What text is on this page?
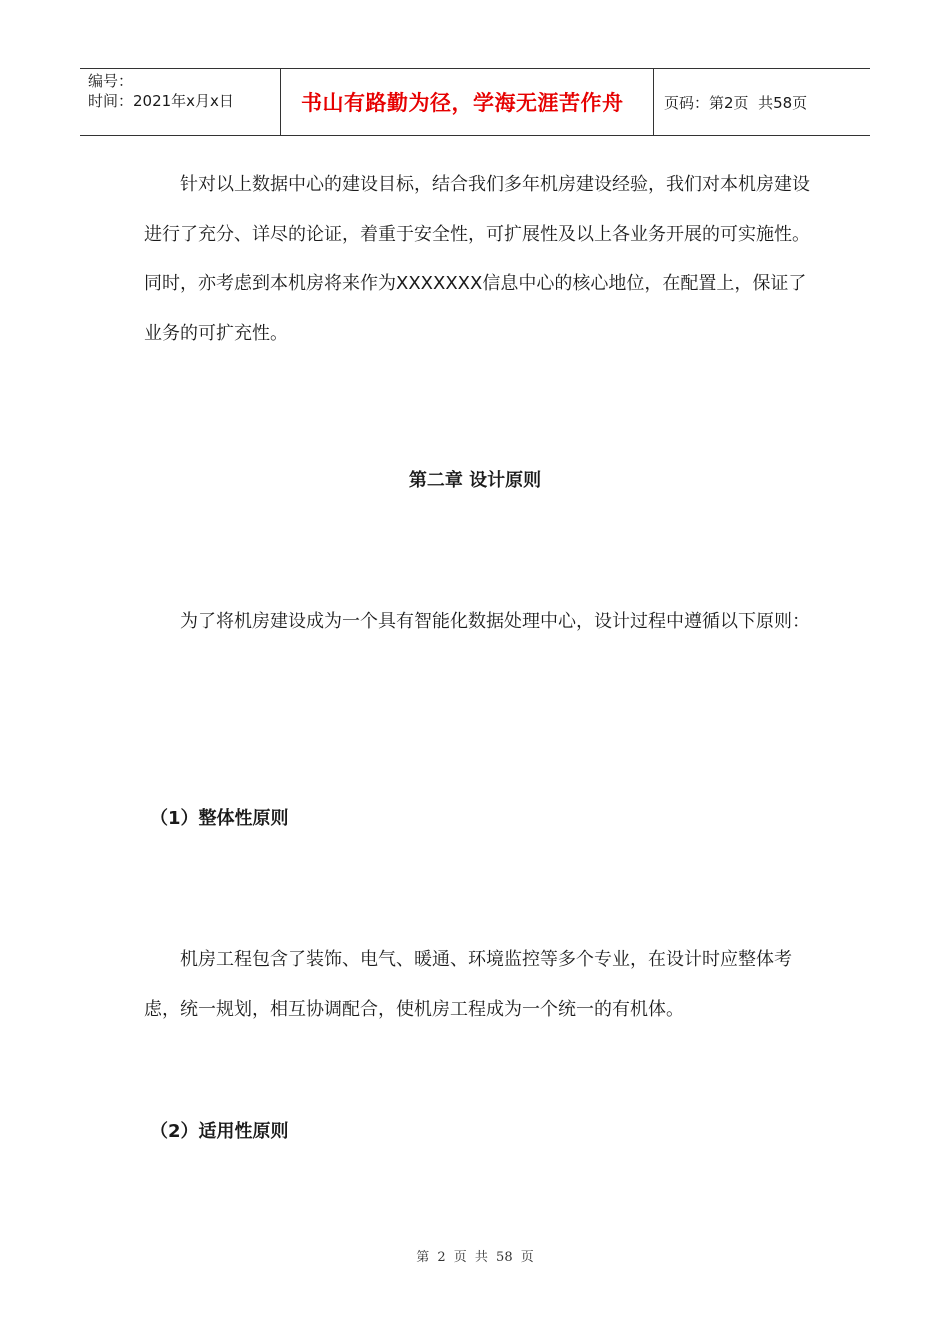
编号：
时间：2021年x月x日	书山有路勤为径，学海无涯苦作舟	页码：第2页  共58页

针对以上数据中心的建设目标，结合我们多年机房建设经验，我们对本机房建设进行了充分、详尽的论证，着重于安全性，可扩展性及以上各业务开展的可实施性。同时，亦考虑到本机房将来作为XXXXXXX信息中心的核心地位，在配置上，保证了业务的可扩充性。

第二章 设计原则

为了将机房建设成为一个具有智能化数据处理中心，设计过程中遵循以下原则：

（1）整体性原则

机房工程包含了装饰、电气、暖通、环境监控等多个专业，在设计时应整体考虑，统一规划，相互协调配合，使机房工程成为一个统一的有机体。

（2）适用性原则
第 2 页 共 58 页
